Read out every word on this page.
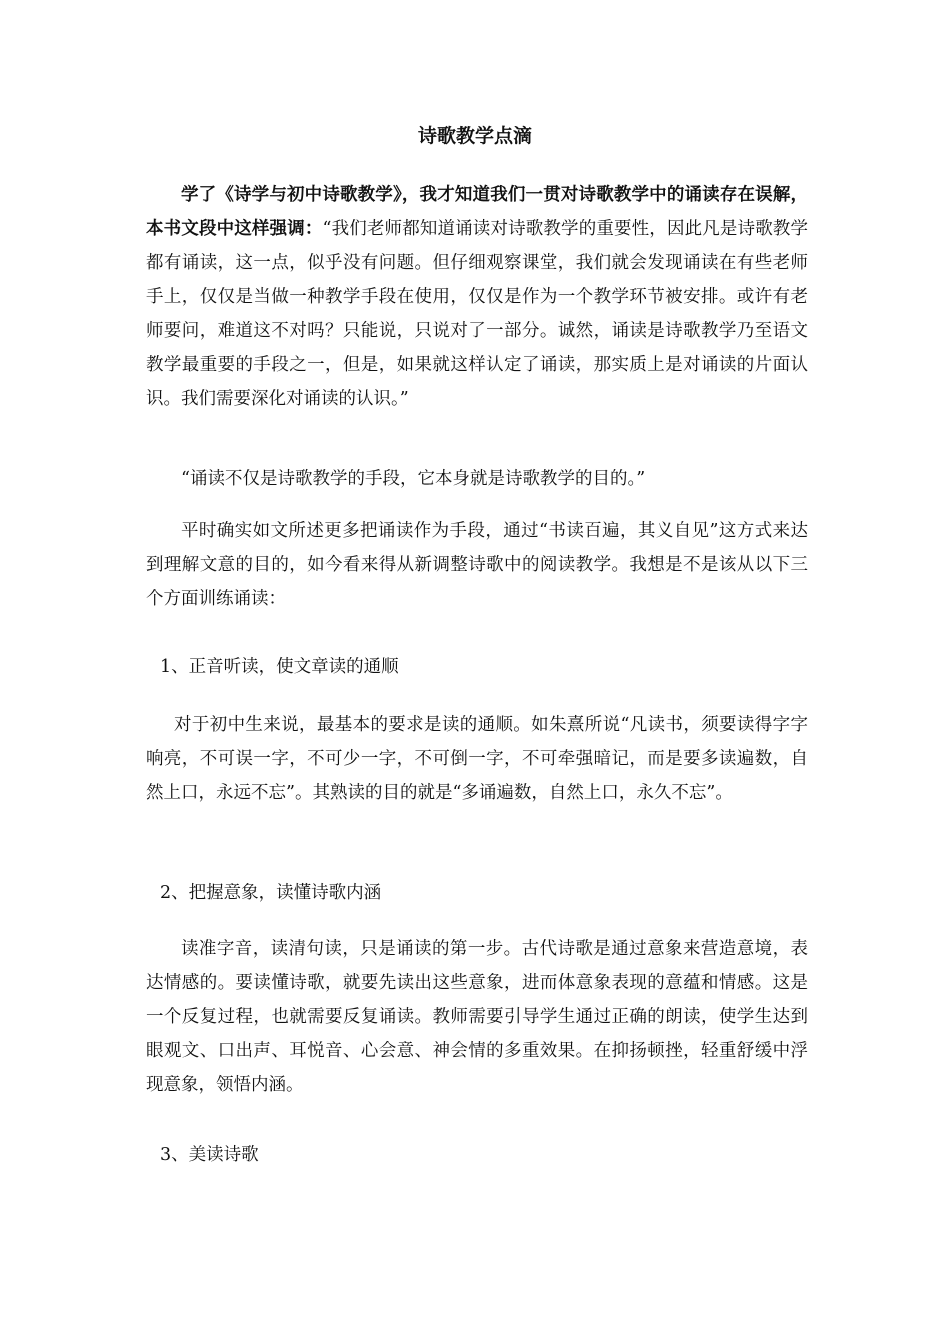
诗歌教学点滴

学了《诗学与初中诗歌教学》，我才知道我们一贯对诗歌教学中的诵读存在误解，本书文段中这样强调：“我们老师都知道诵读对诗歌教学的重要性，因此凡是诗歌教学都有诵读，这一点，似乎没有问题。但仔细观察课堂，我们就会发现诵读在有些老师手上，仅仅是当做一种教学手段在使用，仅仅是作为一个教学环节被安排。或许有老师要问，难道这不对吗？只能说，只说对了一部分。诚然，诵读是诗歌教学乃至语文教学最重要的手段之一，但是，如果就这样认定了诵读，那实质上是对诵读的片面认识。我们需要深化对诵读的认识。”

“诵读不仅是诗歌教学的手段，它本身就是诗歌教学的目的。”

平时确实如文所述更多把诵读作为手段，通过“书读百遍，其义自见”这方式来达到理解文意的目的，如今看来得从新调整诗歌中的阅读教学。我想是不是该从以下三个方面训练诵读：

1、正音听读，使文章读的通顺

对于初中生来说，最基本的要求是读的通顺。如朱熹所说“凡读书，须要读得字字响亮，不可误一字，不可少一字，不可倒一字，不可牵强暗记，而是要多读遍数，自然上口，永远不忘”。其熟读的目的就是“多诵遍数，自然上口，永久不忘”。

2、把握意象，读懂诗歌内涵

读准字音，读清句读，只是诵读的第一步。古代诗歌是通过意象来营造意境，表达情感的。要读懂诗歌，就要先读出这些意象，进而体意象表现的意蕴和情感。这是一个反复过程，也就需要反复诵读。教师需要引导学生通过正确的朗读，使学生达到眼观文、口出声、耳悦音、心会意、神会情的多重效果。在抑扬顿挫，轻重舒缓中浮现意象，领悟内涵。

3、美读诗歌
